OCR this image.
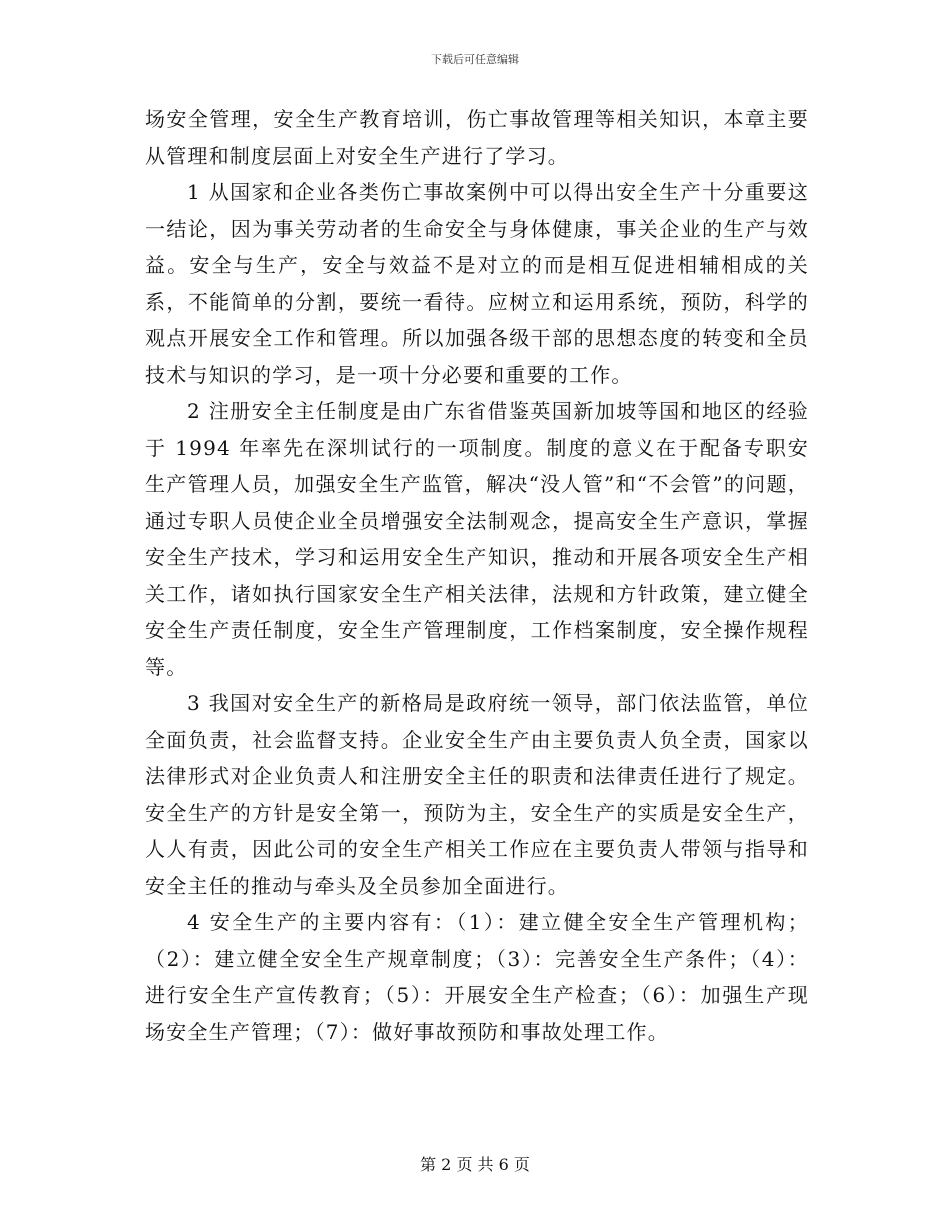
下载后可任意编辑

场安全管理，安全生产教育培训，伤亡事故管理等相关知识，本章主要从管理和制度层面上对安全生产进行了学习。

1 从国家和企业各类伤亡事故案例中可以得出安全生产十分重要这一结论，因为事关劳动者的生命安全与身体健康，事关企业的生产与效益。安全与生产，安全与效益不是对立的而是相互促进相辅相成的关系，不能简单的分割，要统一看待。应树立和运用系统，预防，科学的观点开展安全工作和管理。所以加强各级干部的思想态度的转变和全员技术与知识的学习，是一项十分必要和重要的工作。

2 注册安全主任制度是由广东省借鉴英国新加坡等国和地区的经验于 1994 年率先在深圳试行的一项制度。制度的意义在于配备专职安生产管理人员，加强安全生产监管，解决“没人管”和“不会管”的问题，通过专职人员使企业全员增强安全法制观念，提高安全生产意识，掌握安全生产技术，学习和运用安全生产知识，推动和开展各项安全生产相关工作，诸如执行国家安全生产相关法律，法规和方针政策，建立健全安全生产责任制度，安全生产管理制度，工作档案制度，安全操作规程等。

3 我国对安全生产的新格局是政府统一领导，部门依法监管，单位全面负责，社会监督支持。企业安全生产由主要负责人负全责，国家以法律形式对企业负责人和注册安全主任的职责和法律责任进行了规定。安全生产的方针是安全第一，预防为主，安全生产的实质是安全生产，人人有责，因此公司的安全生产相关工作应在主要负责人带领与指导和安全主任的推动与牵头及全员参加全面进行。

4 安全生产的主要内容有：（1）：建立健全安全生产管理机构；（2）：建立健全安全生产规章制度；（3）：完善安全生产条件；（4）：进行安全生产宣传教育；（5）：开展安全生产检查；（6）：加强生产现场安全生产管理；（7）：做好事故预防和事故处理工作。

第 2 页 共 6 页
